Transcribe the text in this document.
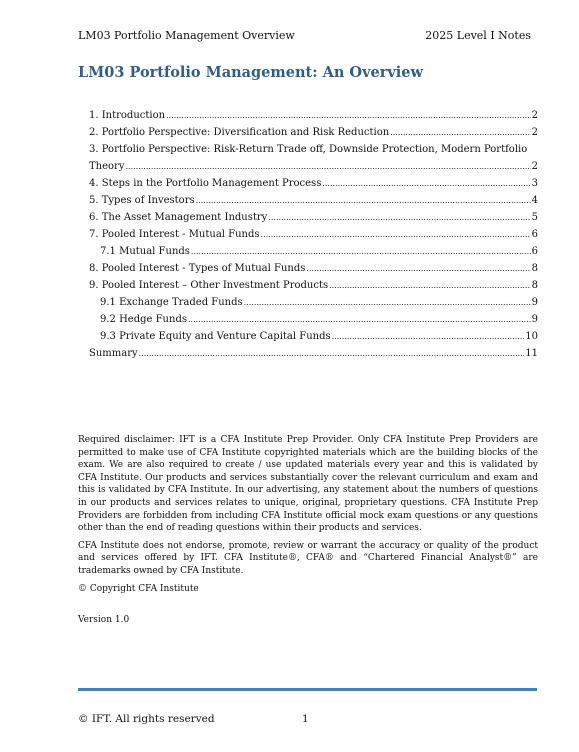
LM03 Portfolio Management Overview	2025 Level I Notes
LM03 Portfolio Management: An Overview
1. Introduction .....	2
2. Portfolio Perspective: Diversification and Risk Reduction .....	2
3. Portfolio Perspective: Risk-Return Trade off, Downside Protection, Modern Portfolio
Theory .....	2
4. Steps in the Portfolio Management Process .....	3
5. Types of Investors .....	4
6. The Asset Management Industry .....	5
7. Pooled Interest - Mutual Funds .....	6
7.1 Mutual Funds .....	6
8. Pooled Interest - Types of Mutual Funds .....	8
9. Pooled Interest – Other Investment Products .....	8
9.1 Exchange Traded Funds .....	9
9.2 Hedge Funds .....	9
9.3 Private Equity and Venture Capital Funds .....	10
Summary .....	11

Required disclaimer: IFT is a CFA Institute Prep Provider. Only CFA Institute Prep Providers are permitted to make use of CFA Institute copyrighted materials which are the building blocks of the exam. We are also required to create / use updated materials every year and this is validated by CFA Institute. Our products and services substantially cover the relevant curriculum and exam and this is validated by CFA Institute. In our advertising, any statement about the numbers of questions in our products and services relates to unique, original, proprietary questions. CFA Institute Prep Providers are forbidden from including CFA Institute official mock exam questions or any questions other than the end of reading questions within their products and services.

CFA Institute does not endorse, promote, review or warrant the accuracy or quality of the product and services offered by IFT. CFA Institute®, CFA® and “Chartered Financial Analyst®” are trademarks owned by CFA Institute.

© Copyright CFA Institute
Version 1.0
© IFT. All rights reserved	1
